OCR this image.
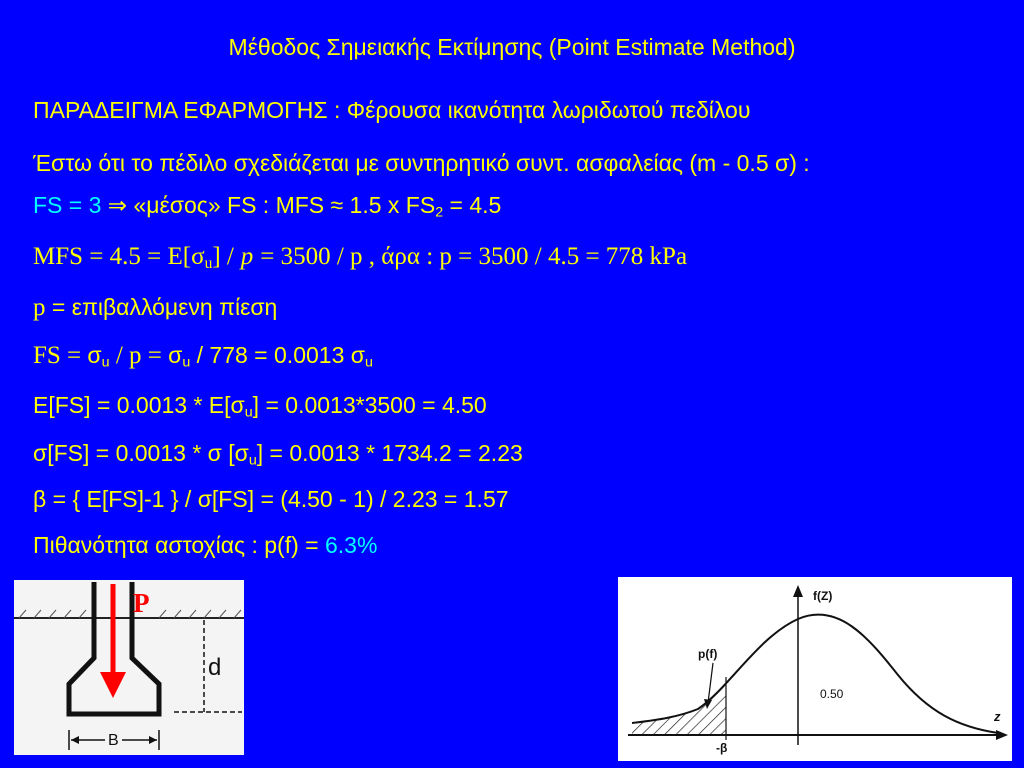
Μέθοδος Σημειακής Εκτίμησης (Point Estimate Method)
ΠΑΡΑΔΕΙΓΜΑ ΕΦΑΡΜΟΓΗΣ : Φέρουσα ικανότητα λωριδωτού πεδίλου
Έστω ότι το πέδιλο σχεδιάζεται με συντηρητικό συντ. ασφαλείας (m - 0.5 σ) :
FS = 3 ⇒ «μέσος» FS : MFS ≈ 1.5 x $FS_2 = 4.5$
MFS = $4.5 = E[\sigma_u] / p = 3500 / p$ , άρα : p = 3500 / 4.5 = 778 kPa
p = επιβαλλόμενη πίεση
FS = $\sigma_u / p = \sigma_u / 778 = 0.0013$ $\sigma_u$
$E[FS] = 0.0013 * E[\sigma_u] = 0.0013*3500 = 4.50$
σ[FS] = 0.0013 * σ $[\sigma_u] = 0.0013 * 1734.2 = 2.23$
β = { E[FS]-1 } / σ[FS] = (4.50 - 1) / 2.23 = 1.57
Πιθανότητα αστοχίας : p(f) = 6.3%
P
d
B
f(Z)
p(f)
0.50
z
-β
